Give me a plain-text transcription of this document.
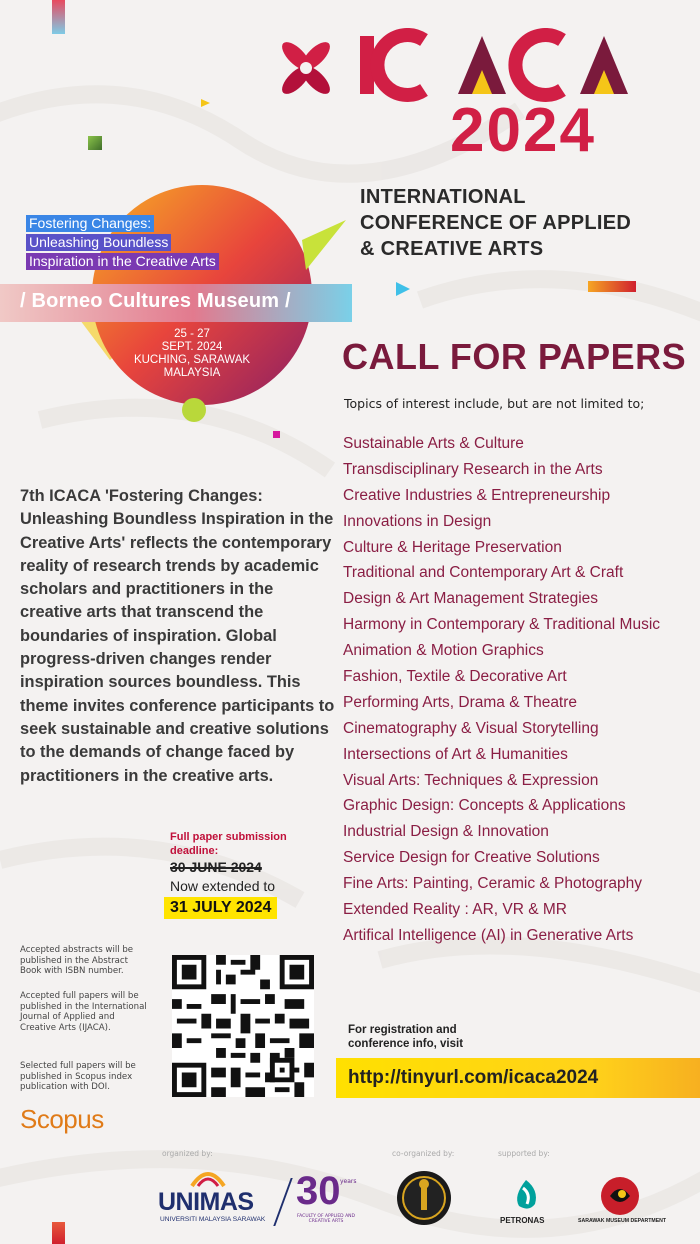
2024
INTERNATIONAL
CONFERENCE OF APPLIED
& CREATIVE ARTS
Fostering Changes:
Unleashing Boundless
Inspiration in the Creative Arts
/ Borneo Cultures Museum /
25 - 27
SEPT. 2024
KUCHING, SARAWAK
MALAYSIA	CALL FOR PAPERS
Topics of interest include, but are not limited to;
Sustainable Arts & Culture
Transdisciplinary Research in the Arts
Creative Industries & Entrepreneurship
Innovations in Design
Culture & Heritage Preservation
Traditional and Contemporary Art & Craft
Design & Art Management Strategies
Harmony in Contemporary & Traditional Music
Animation & Motion Graphics
Fashion, Textile & Decorative Art
Performing Arts, Drama & Theatre
Cinematography & Visual Storytelling
Intersections of Art & Humanities
Visual Arts: Techniques & Expression
Graphic Design: Concepts & Applications
Industrial Design & Innovation
Service Design for Creative Solutions
Fine Arts: Painting, Ceramic & Photography
Extended Reality : AR, VR & MR
Artifical Intelligence (AI) in Generative Arts
7th ICACA 'Fostering Changes: Unleashing Boundless Inspiration in the Creative Arts' reflects the contemporary reality of research trends by academic scholars and practitioners in the creative arts that transcend the boundaries of inspiration. Global progress-driven changes render inspiration sources boundless. This theme invites conference participants to seek sustainable and creative solutions to the demands of change faced by practitioners in the creative arts.
Full paper submission deadline:
30 JUNE 2024
Now extended to
31 JULY 2024
Accepted abstracts will be published in the Abstract Book with ISBN number.
Accepted full papers will be published in the International Journal of Applied and Creative Arts (IJACA).
Selected full papers will be published in Scopus index publication with DOI.
Scopus
For registration and
conference info, visit
http://tinyurl.com/icaca2024
organized by:	co-organized by:	supported by:
UNIMAS
UNIVERSITI MALAYSIA SARAWAK
30 years
FACULTY OF APPLIED AND CREATIVE ARTS	PETRONAS	SARAWAK MUSEUM DEPARTMENT
